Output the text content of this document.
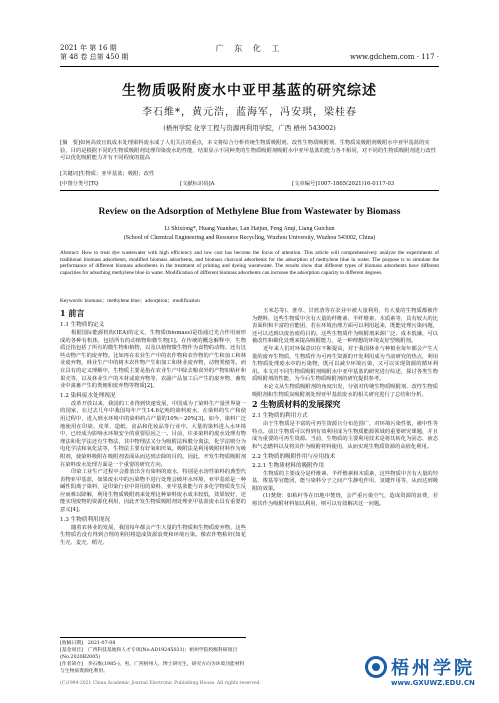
2021 年 第 16 期
第 48 卷 总第 450 期
广 东 化 工
www.gdchem.com · 117 ·
生物质吸附废水中亚甲基蓝的研究综述
李石维*，黄元浩，蓝海军，冯安琪，梁桂春
(梧州学院 化学工程与资源再利用学院，广西 梧州 543002)
[摘　要]如何高效且低成本处理染料废水成了人们关注的重点，本文将综合分析传统生物质吸附剂、改性生物质吸附剂、生物质炭吸附剂吸附水中亚甲基蓝的实验，目的是根据不同的生物质吸附剂处理印染废水的性能，结果显示不同种类的生物质吸附剂吸附水中亚甲基蓝的能力各不相同，对不同的生物质吸附剂进行改性可以优化吸附能力并有不同程度的提高
[关键词]生物质；亚甲基蓝；吸附；改性
[中图分类号]TQ	[文献标识码]A	[文章编号]1007-1865(2021)16-0117-03
Review on the Adsorption of Methylene Blue from Wastewater by Biomass
Li Shixiong*, Huang Yuanhao, Lan Haijun, Feng Anqi, Liang Guichun
(School of Chemical Engineering and Resource Recycling, Wuzhou University, Wuzhou 543002, China)
Abstract: How to treat dye wastewater with high efficiency and low cost has become the focus of attention. This article will comprehensively analyze the experiments of traditional biomass adsorbents, modified biomass adsorbents, and biomass charcoal adsorbents for the adsorption of methylene blue in water. The purpose is to simulate the performance of different biomass adsorbents in the treatment of printing and dyeing wastewater. The results show that different types of biomass adsorbents have different capacities for adsorbing methylene blue in water. Modification of different biomass adsorbents can increase the adsorption capacity to different degrees.
Keywords: biomass；methylene blue；adsorption；modification
1 前言
1.1 生物质的定义

根据国际能源机构(IEA)的定义，生物质(biomass)是指通过光合作用而形成的各种有机体，包括所有的动植物和微生物[1]。在传统的概念解释中，生物质泛指包括了所有的微生物和植物，以及以植物微生物作为食物的动物。还有这些动物产生的废弃物。比如再在农业生产中的农作物和农作物的产生和加工和林业废弃物，林业生产中的树木农作物产生和加工和林业废弃物，动物粪便等。而在具有的定义理解中，生物质主要是指在农业生产中除去粮食外的产物如秸秆和果壳等，以及林业生产的木材或废弃物等，农副产品加工后产生的废弃物、畜牧业中禽畜产生的粪便和废弃物等物质[2]。

1.2 染料废水处理现况

改革开放以来，我国的工业得到快速发展，中国成为了染料生产量世界第一的国家，在过去几年中我国每年产生14.6亿吨的染料废水，在染料的生产和使用过程中，进入到水环境中的染料约占产量的10%～20%[3]。如今，染料广泛地使用在印染、皮革、造纸、食品和化妆品等行业中。大量的染料进入水环境中，已经成为影响水环境安全的重要原因之一。目前，许多染料的废水处理有物理法和化学法还有生物法，其中物理法又分为吸附法和膜分离法，化学法则分为电化学法和氧化法等，生物法主要有好氧和厌氧。吸附法是利用吸附材料作为吸附剂，使染料吸附在吸附剂表面从而达到去除的目的。因此，开发生物质吸附剂在染料废水处理方面是一个重要的研究方向。

印染工业生产过程中会排放出含有染料的废水，特别是水溶性染料的典型代表物亚甲基蓝，如果废水中的污染物不进行处理会破坏水环境，亚甲基蓝是一种碱性阳离子染料，是印染行业中常用的染料，亚甲基蓝能与许多化学物质发生反应而难以降解，利用生物质吸附剂来处理这种染料废水成本较低，效果较好，还能实现废物的资源化利用，因此开发生物质吸附剂处理亚甲基蓝废水具有重要的意义[4]。

1.3 生物质利用现况

随着农林业的发展，我国每年都会产生大量的生物质和生物质废弃物，这些生物质若没有得到合理的利用将造成资源浪费和环境污染。像农作物秸秆(如花生壳、麦壳、稻壳、

玉米芯等)、蔗草、甘蔗渣等在农业中被大量利用，有大量的生物质都被作为燃料，这些生物质中含有大量的纤维素、半纤维素、木质素等，具有较大的比表面积和丰富的官能团，若在环境治理方面可以利用起来，既能处理污染问题，还可以达到以废治废的目的。这些生物质作为吸附剂来源广泛、成本低廉，可以被改性和碳化处理来提高吸附能力，是一种理想的环境友好型吸附剂。

近年来人们对环保意识在不断提高，对于我国林业与种植业每年都会产生大量的废弃生物质，生物质作为可再生资源的开发利用成为当前研究的热点，利用生物质处理废水中的污染物，既可以减少环境污染，又可以实现资源的循环利用。本文对不同生物质吸附剂吸附水中亚甲基蓝的研究进行综述，探讨各类生物质吸附剂的性能，为今后生物质吸附剂的研究提供参考。

本论文从生物质吸附剂的角度出发，分别对传统生物质吸附剂、改性生物质吸附剂和生物质炭吸附剂处理亚甲基蓝废水的相关研究进行了总结和分析。

2 生物质材料的发展探究
2.1 生物质的利用方式

由于生物质是丰富的可再生资源且分布范围广，对环境污染性低，被中性等特点。前让生物质可以得到有效利用成为生物质能源领域的重要研究课题，并且成为重要的可再生资源。当前，生物质的主要利用技术是将其转化为固态、液态和气态燃料以及将其作为吸附材料使用，从而实现生物质资源的高值化利用。

2.2 生物质的吸附作用与应用技术
2.2.1 生物质材料的吸附作用

生物质的主要成分是纤维素、半纤维素和木质素，这些物质中含有大量的羟基、羧基等官能团，能与染料分子之间产生静电作用、氢键作用等，从而达到吸附的效果。

(1)焚烧：如秸秆等在田地中焚烧，会严重污染空气，造成资源的浪费，若将其作为吸附材料加以利用，则可以有效解决这一问题。

[收稿日期]　2021-07-08
[基金项目]　广西科技基地和人才专项(No.AD19245031)；梧州学院校级科研项目(No.2020B2005)
[作者简介]　李石维(1985-)，男，广西梧州人，博士研究生，研究方向为环境功能材料与生物质资源化利用。
(C)1994-2021 China Academic Journal Electronic Publishing House. All rights reserved.
梧州学院
www.GXUWZ.EDU.CN
